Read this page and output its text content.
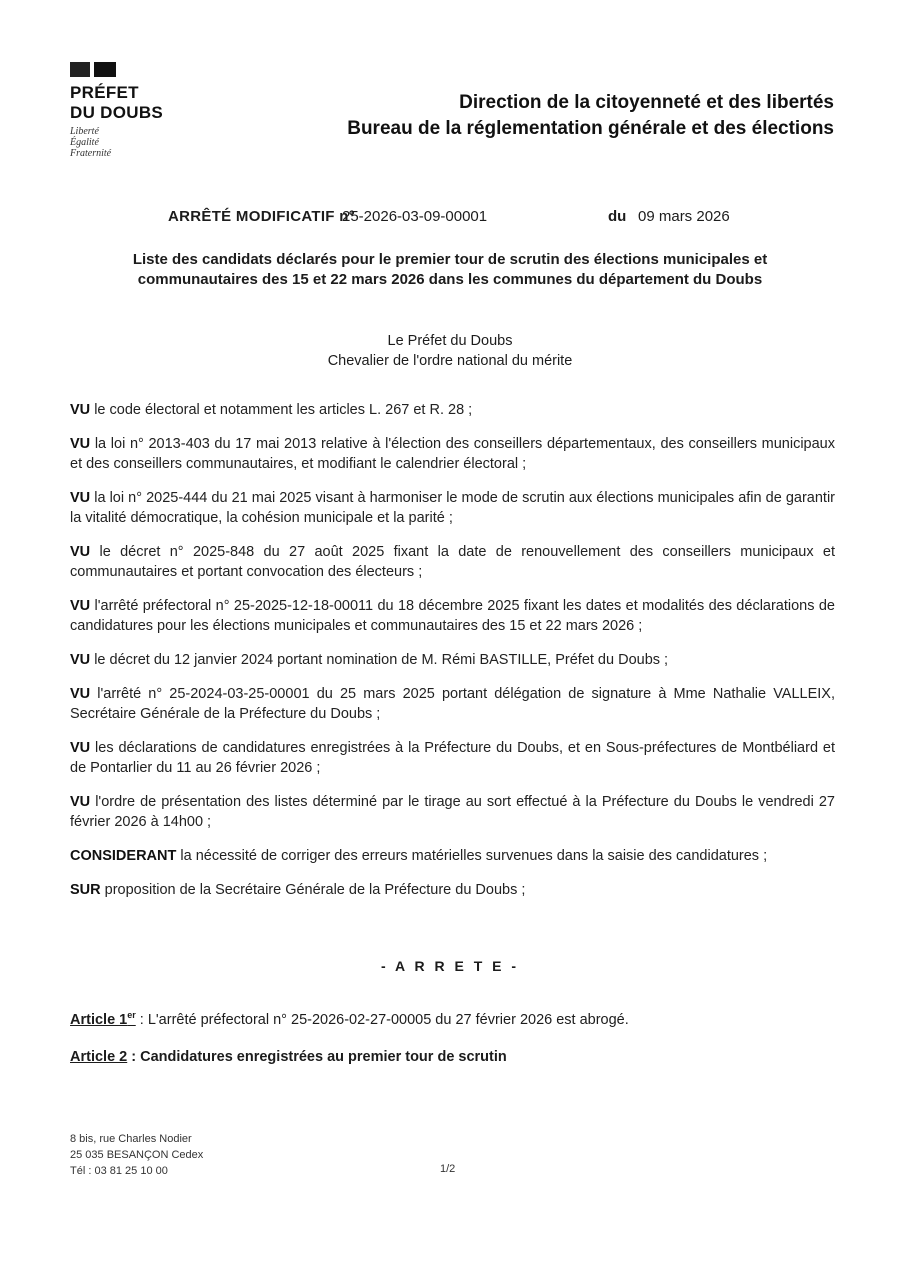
PRÉFET
DU DOUBS
Liberté
Égalité
Fraternité
Direction de la citoyenneté et des libertés
Bureau de la réglementation générale et des élections
ARRÊTÉ MODIFICATIF n°
25-2026-03-09-00001	du 09 mars 2026
Liste des candidats déclarés pour le premier tour de scrutin des élections municipales et
communautaires des 15 et 22 mars 2026 dans les communes du département du Doubs
Le Préfet du Doubs
Chevalier de l'ordre national du mérite

VU le code électoral et notamment les articles L. 267 et R. 28 ;

VU la loi n° 2013-403 du 17 mai 2013 relative à l'élection des conseillers départementaux, des conseillers municipaux et des conseillers communautaires, et modifiant le calendrier électoral ;

VU la loi n° 2025-444 du 21 mai 2025 visant à harmoniser le mode de scrutin aux élections municipales afin de garantir la vitalité démocratique, la cohésion municipale et la parité ;

VU le décret n° 2025-848 du 27 août 2025 fixant la date de renouvellement des conseillers municipaux et communautaires et portant convocation des électeurs ;

VU l'arrêté préfectoral n° 25-2025-12-18-00011 du 18 décembre 2025 fixant les dates et modalités des déclarations de candidatures pour les élections municipales et communautaires des 15 et 22 mars 2026 ;

VU le décret du 12 janvier 2024 portant nomination de M. Rémi BASTILLE, Préfet du Doubs ;

VU l'arrêté n° 25-2024-03-25-00001 du 25 mars 2025 portant délégation de signature à Mme Nathalie VALLEIX, Secrétaire Générale de la Préfecture du Doubs ;

VU les déclarations de candidatures enregistrées à la Préfecture du Doubs, et en Sous-préfectures de Montbéliard et de Pontarlier du 11 au 26 février 2026 ;

VU l'ordre de présentation des listes déterminé par le tirage au sort effectué à la Préfecture du Doubs le vendredi 27 février 2026 à 14h00 ;

CONSIDERANT la nécessité de corriger des erreurs matérielles survenues dans la saisie des candidatures ;

SUR proposition de la Secrétaire Générale de la Préfecture du Doubs ;

- A R R E T E -
Article 1er : L'arrêté préfectoral n° 25-2026-02-27-00005 du 27 février 2026 est abrogé.
Article 2 : Candidatures enregistrées au premier tour de scrutin
8 bis, rue Charles Nodier
25 035 BESANÇON Cedex
Tél : 03 81 25 10 00	1/2
